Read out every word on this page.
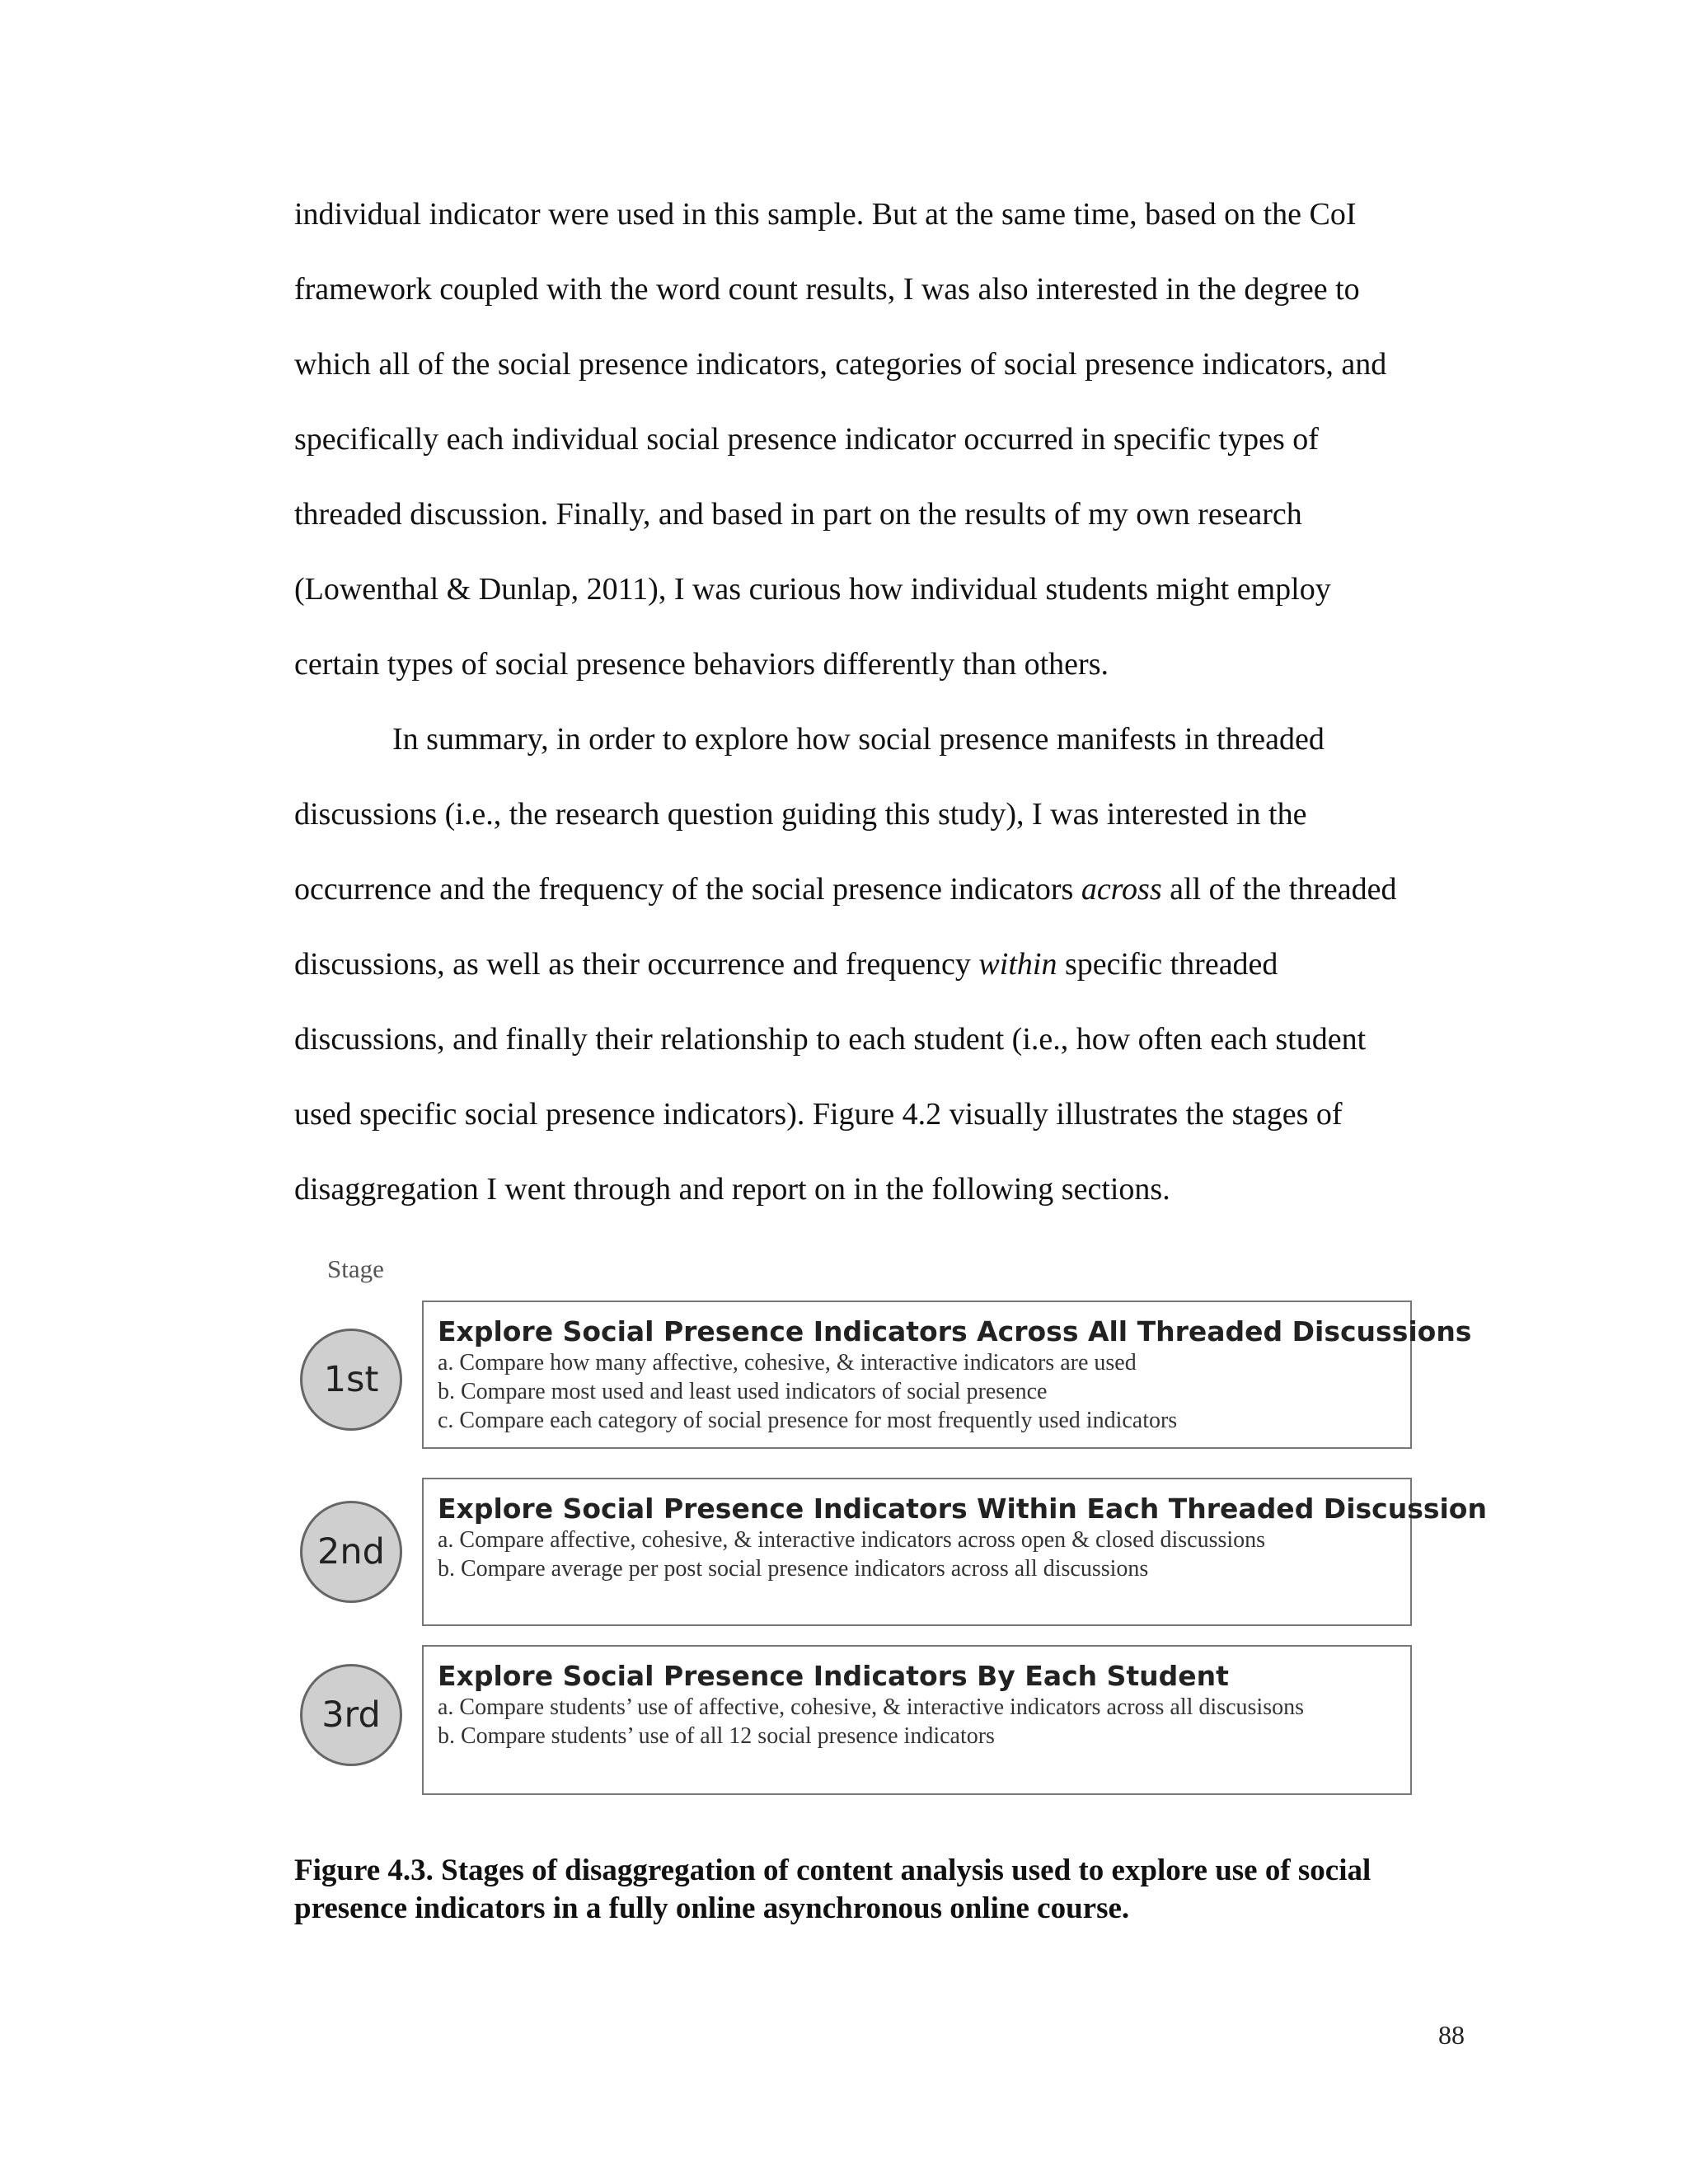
individual indicator were used in this sample. But at the same time, based on the CoI
framework coupled with the word count results, I was also interested in the degree to
which all of the social presence indicators, categories of social presence indicators, and
specifically each individual social presence indicator occurred in specific types of
threaded discussion. Finally, and based in part on the results of my own research
(Lowenthal & Dunlap, 2011), I was curious how individual students might employ
certain types of social presence behaviors differently than others.
In summary, in order to explore how social presence manifests in threaded
discussions (i.e., the research question guiding this study), I was interested in the
occurrence and the frequency of the social presence indicators across all of the threaded
discussions, as well as their occurrence and frequency within specific threaded
discussions, and finally their relationship to each student (i.e., how often each student
used specific social presence indicators). Figure 4.2 visually illustrates the stages of
disaggregation I went through and report on in the following sections.
Stage
1st
Explore Social Presence Indicators Across All Threaded Discussions
a. Compare how many affective, cohesive, & interactive indicators are used
b. Compare most used and least used indicators of social presence
c. Compare each category of social presence for most frequently used indicators
2nd
Explore Social Presence Indicators Within Each Threaded Discussion
a. Compare affective, cohesive, & interactive indicators across open & closed discussions
b. Compare average per post social presence indicators across all discussions
3rd
Explore Social Presence Indicators By Each Student
a. Compare students’ use of affective, cohesive, & interactive indicators across all discusisons
b. Compare students’ use of all 12 social presence indicators
Figure 4.3. Stages of disaggregation of content analysis used to explore use of social
presence indicators in a fully online asynchronous online course.
88
